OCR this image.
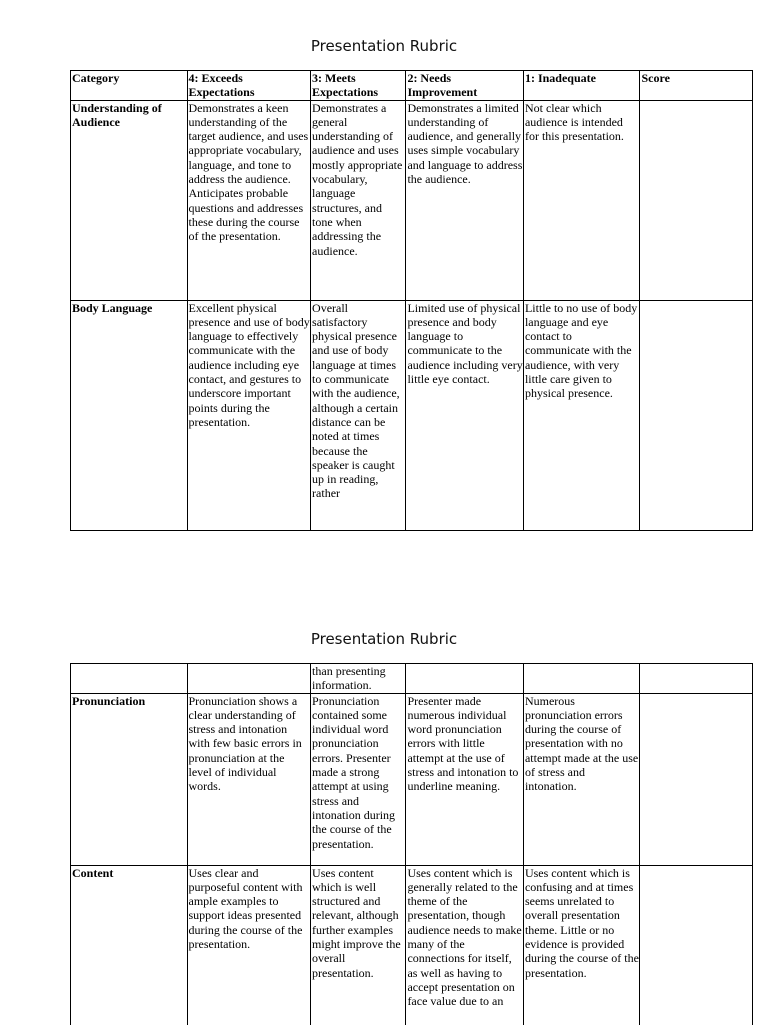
Presentation Rubric
Category	4: Exceeds Expectations	3: Meets Expectations	2: Needs Improvement	1: Inadequate	Score
Understanding of Audience	Demonstrates a keen understanding of the target audience, and uses appropriate vocabulary, language, and tone to address the audience. Anticipates probable questions and addresses these during the course of the presentation.	Demonstrates a general understanding of audience and uses mostly appropriate vocabulary, language structures, and tone when addressing the audience.	Demonstrates a limited understanding of audience, and generally uses simple vocabulary and language to address the audience.	Not clear which audience is intended for this presentation.	
Body Language	Excellent physical presence and use of body language to effectively communicate with the audience including eye contact, and gestures to underscore important points during the presentation.	Overall satisfactory physical presence and use of body language at times to communicate with the audience, although a certain distance can be noted at times because the speaker is caught up in reading, rather	Limited use of physical presence and body language to communicate to the audience including very little eye contact.	Little to no use of body language and eye contact to communicate with the audience, with very little care given to physical presence.	
Presentation Rubric
		than presenting information.			
Pronunciation	Pronunciation shows a clear understanding of stress and intonation with few basic errors in pronunciation at the level of individual words.	Pronunciation contained some individual word pronunciation errors. Presenter made a strong attempt at using stress and intonation during the course of the presentation.	Presenter made numerous individual word pronunciation errors with little attempt at the use of stress and intonation to underline meaning.	Numerous pronunciation errors during the course of presentation with no attempt made at the use of stress and intonation.	
Content	Uses clear and purposeful content with ample examples to support ideas presented during the course of the presentation.	Uses content which is well structured and relevant, although further examples might improve the overall presentation.	Uses content which is generally related to the theme of the presentation, though audience needs to make many of the connections for itself, as well as having to accept presentation on face value due to an	Uses content which is confusing and at times seems unrelated to overall presentation theme. Little or no evidence is provided during the course of the presentation.	
